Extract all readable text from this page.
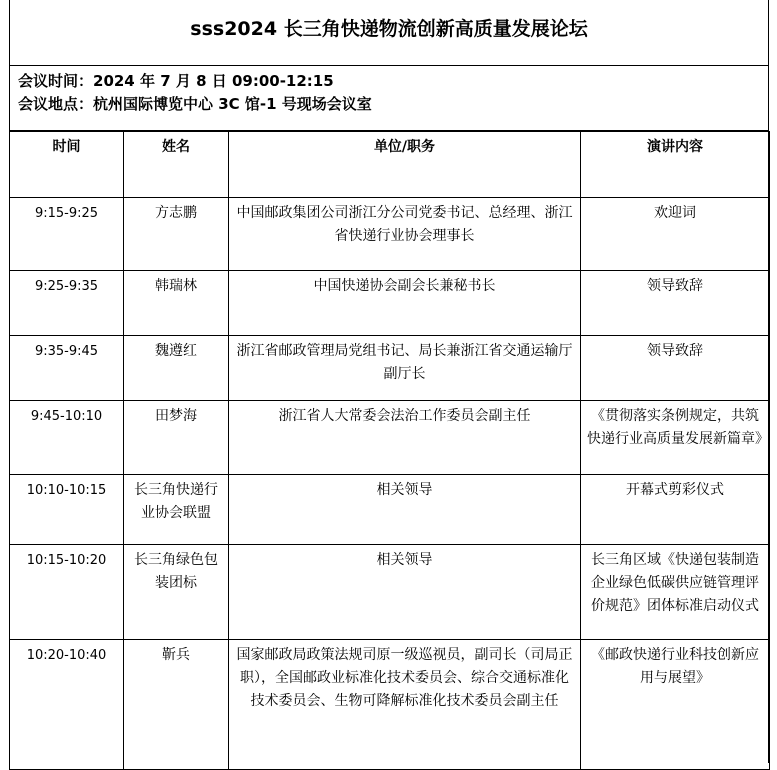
sss2024 长三角快递物流创新高质量发展论坛
会议时间：2024 年 7 月 8 日 09:00-12:15
会议地点：杭州国际博览中心 3C 馆-1 号现场会议室
时间	姓名	单位/职务	演讲内容
9:15-9:25	方志鹏	中国邮政集团公司浙江分公司党委书记、总经理、浙江省快递行业协会理事长	欢迎词
9:25-9:35	韩瑞林	中国快递协会副会长兼秘书长	领导致辞
9:35-9:45	魏遵红	浙江省邮政管理局党组书记、局长兼浙江省交通运输厅副厅长	领导致辞
9:45-10:10	田梦海	浙江省人大常委会法治工作委员会副主任	《贯彻落实条例规定，共筑快递行业高质量发展新篇章》
10:10-10:15	长三角快递行业协会联盟	相关领导	开幕式剪彩仪式
10:15-10:20	长三角绿色包装团标	相关领导	长三角区域《快递包装制造企业绿色低碳供应链管理评价规范》团体标准启动仪式
10:20-10:40	靳兵	国家邮政局政策法规司原一级巡视员，副司长（司局正职），全国邮政业标准化技术委员会、综合交通标准化技术委员会、生物可降解标准化技术委员会副主任	《邮政快递行业科技创新应用与展望》
